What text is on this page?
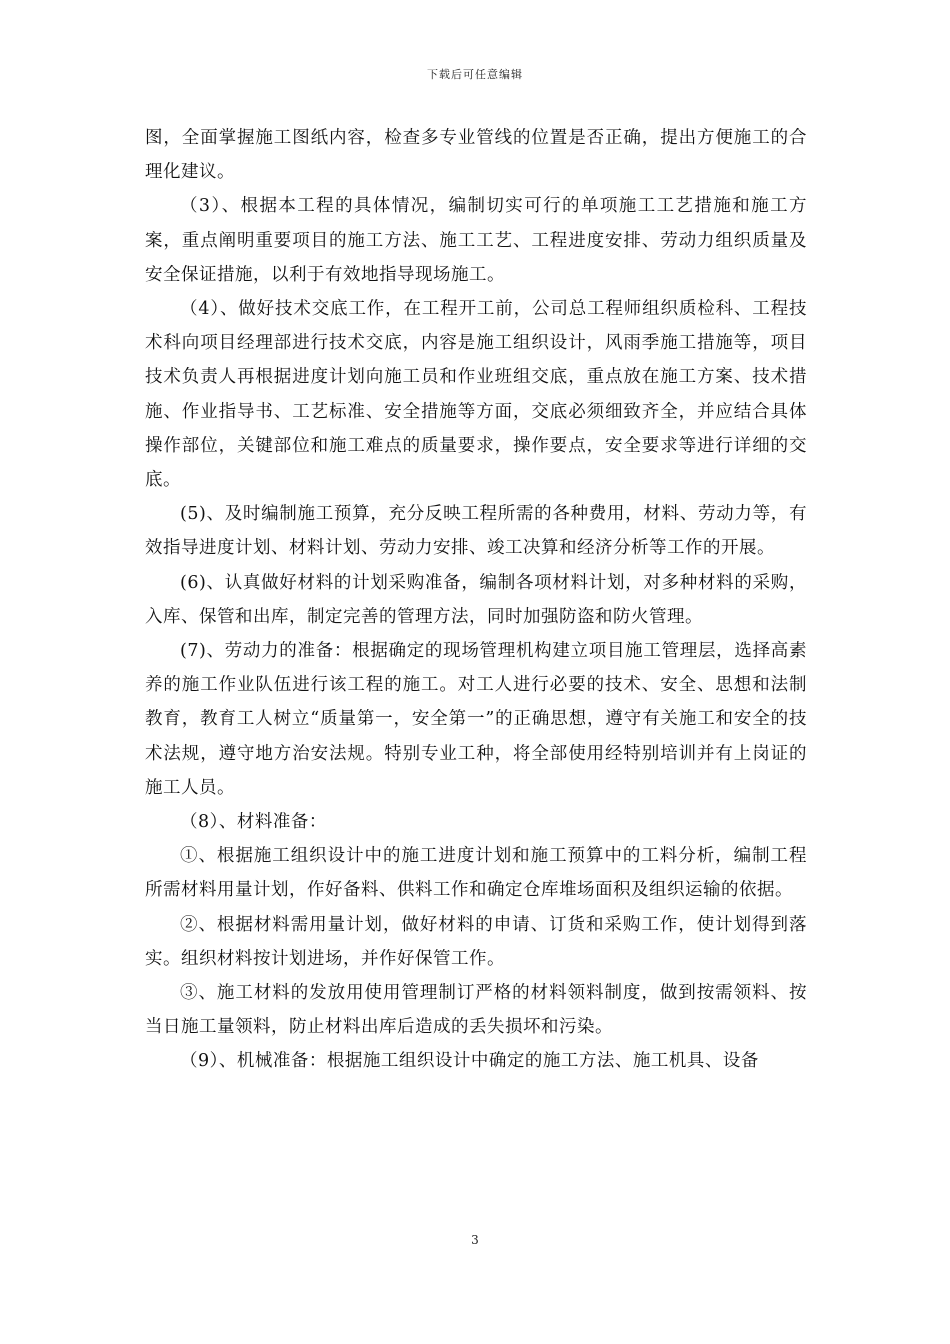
下载后可任意编辑

图，全面掌握施工图纸内容，检查多专业管线的位置是否正确，提出方便施工的合理化建议。

（3）、根据本工程的具体情况，编制切实可行的单项施工工艺措施和施工方案，重点阐明重要项目的施工方法、施工工艺、工程进度安排、劳动力组织质量及安全保证措施，以利于有效地指导现场施工。

（4）、做好技术交底工作，在工程开工前，公司总工程师组织质检科、工程技术科向项目经理部进行技术交底，内容是施工组织设计，风雨季施工措施等，项目技术负责人再根据进度计划向施工员和作业班组交底，重点放在施工方案、技术措施、作业指导书、工艺标准、安全措施等方面，交底必须细致齐全，并应结合具体操作部位，关键部位和施工难点的质量要求，操作要点，安全要求等进行详细的交底。

(5)、及时编制施工预算，充分反映工程所需的各种费用，材料、劳动力等，有效指导进度计划、材料计划、劳动力安排、竣工决算和经济分析等工作的开展。

(6)、认真做好材料的计划采购准备，编制各项材料计划，对多种材料的采购，入库、保管和出库，制定完善的管理方法，同时加强防盗和防火管理。

(7)、劳动力的准备：根据确定的现场管理机构建立项目施工管理层，选择高素养的施工作业队伍进行该工程的施工。对工人进行必要的技术、安全、思想和法制教育，教育工人树立“质量第一，安全第一”的正确思想，遵守有关施工和安全的技术法规，遵守地方治安法规。特别专业工种，将全部使用经特别培训并有上岗证的施工人员。

（8）、材料准备：

①、根据施工组织设计中的施工进度计划和施工预算中的工料分析，编制工程所需材料用量计划，作好备料、供料工作和确定仓库堆场面积及组织运输的依据。

②、根据材料需用量计划，做好材料的申请、订货和采购工作，使计划得到落实。组织材料按计划进场，并作好保管工作。

③、施工材料的发放用使用管理制订严格的材料领料制度，做到按需领料、按当日施工量领料，防止材料出库后造成的丢失损坏和污染。

（9）、机械准备：根据施工组织设计中确定的施工方法、施工机具、设备

3
